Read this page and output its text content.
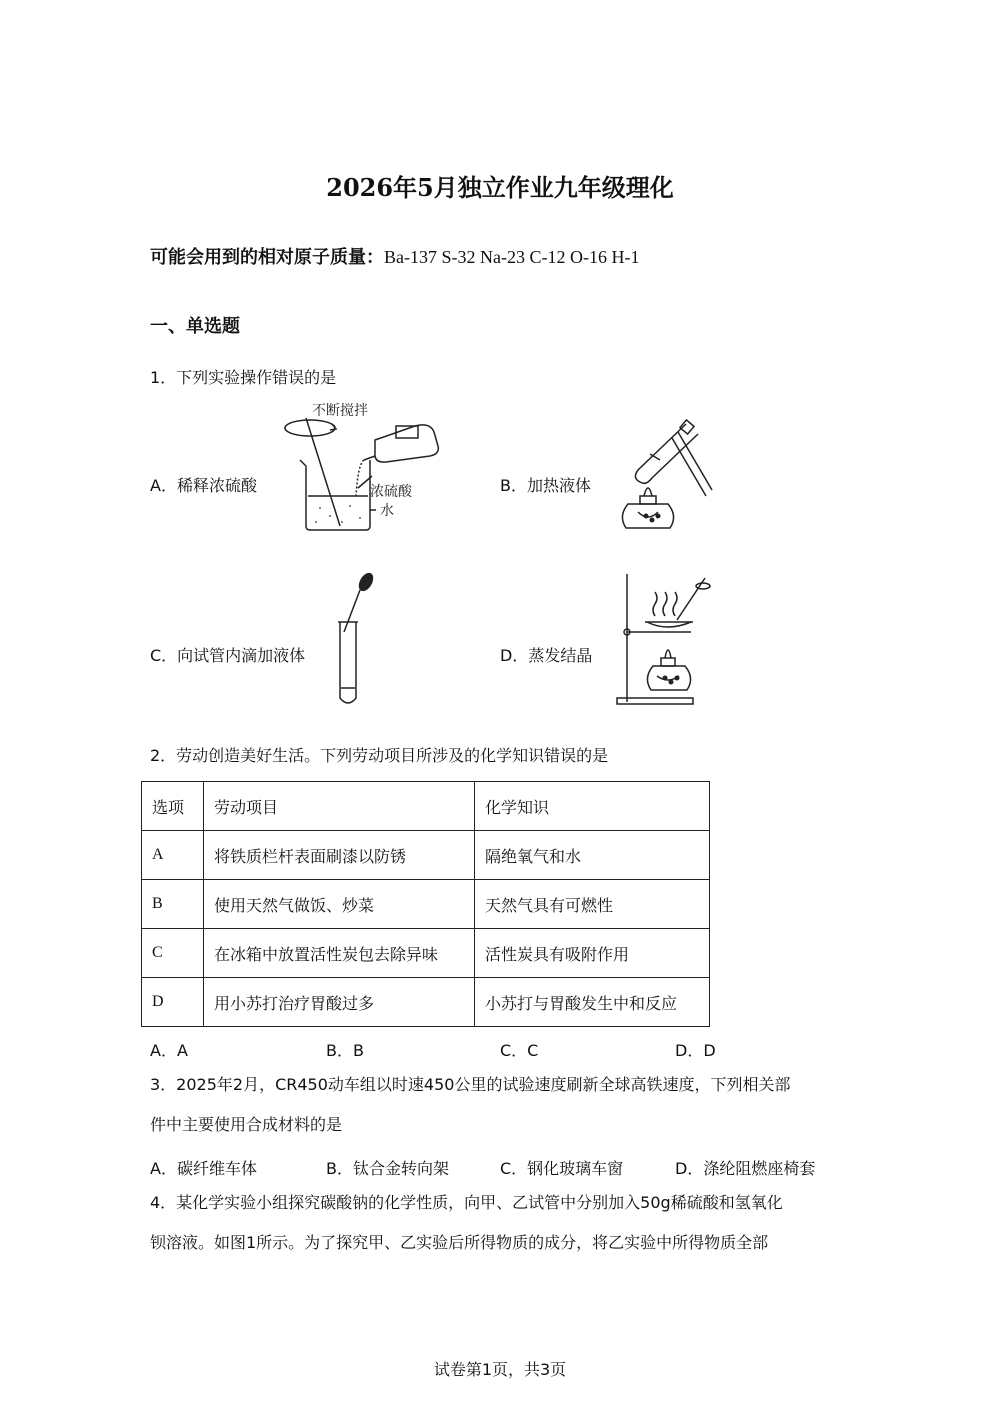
2026年5月独立作业九年级理化
可能会用到的相对原子质量：Ba-137 S-32 Na-23 C-12 O-16 H-1
一、单选题
1．下列实验操作错误的是
A．稀释浓硫酸	B．加热液体
C．向试管内滴加液体	D．蒸发结晶
不断搅拌
浓硫酸
水
2．劳动创造美好生活。下列劳动项目所涉及的化学知识错误的是
选项	劳动项目	化学知识
A	将铁质栏杆表面刷漆以防锈	隔绝氧气和水
B	使用天然气做饭、炒菜	天然气具有可燃性
C	在冰箱中放置活性炭包去除异味	活性炭具有吸附作用
D	用小苏打治疗胃酸过多	小苏打与胃酸发生中和反应
A．A	B．B	C．C	D．D
3．2025年2月，CR450动车组以时速450公里的试验速度刷新全球高铁速度，下列相关部
件中主要使用合成材料的是
A．碳纤维车体	B．钛合金转向架	C．钢化玻璃车窗	D．涤纶阻燃座椅套
4．某化学实验小组探究碳酸钠的化学性质，向甲、乙试管中分别加入50g稀硫酸和氢氧化
钡溶液。如图1所示。为了探究甲、乙实验后所得物质的成分，将乙实验中所得物质全部
试卷第1页，共3页
